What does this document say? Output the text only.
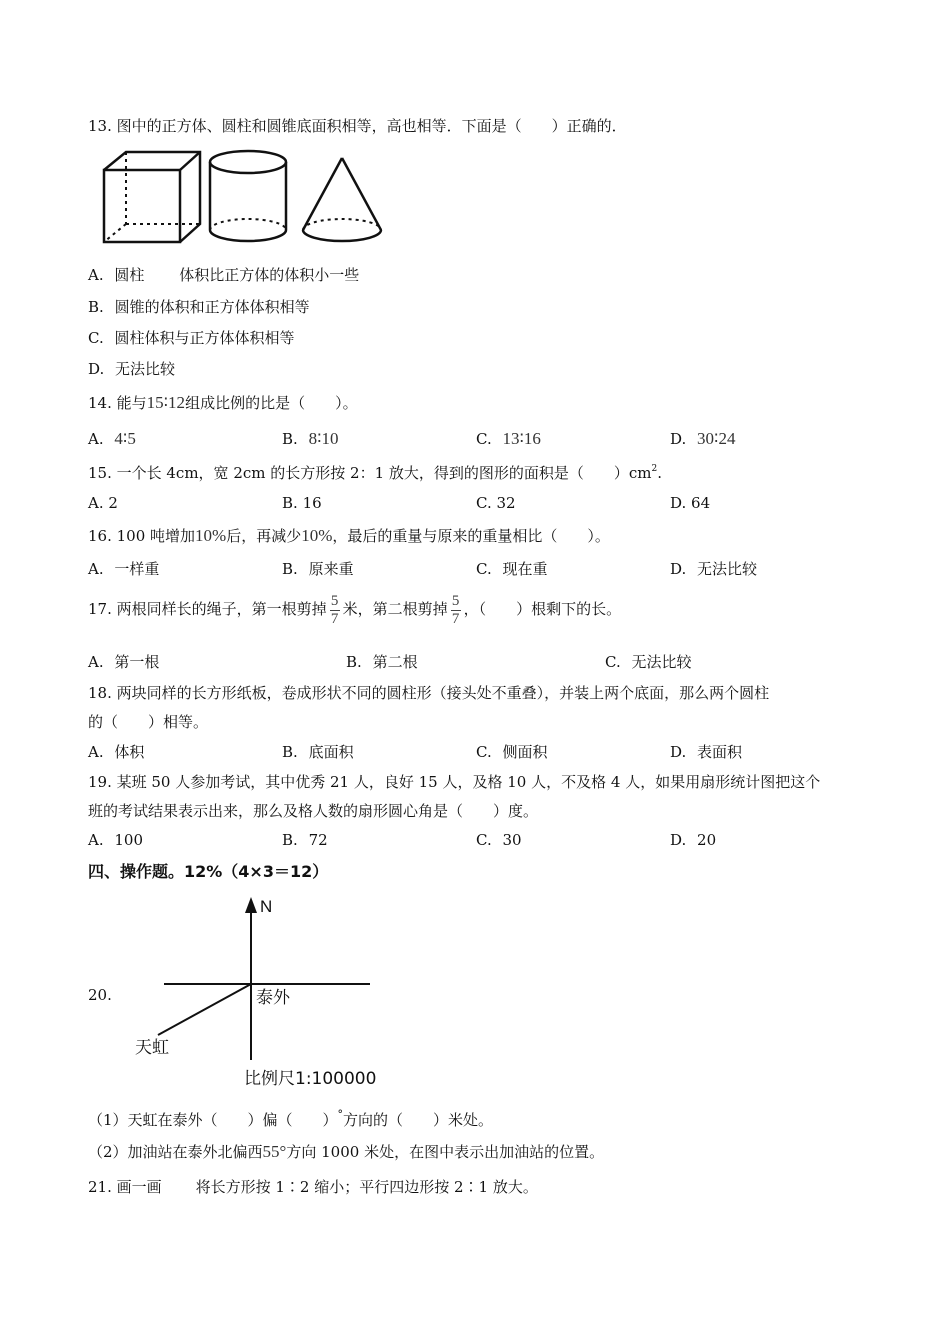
13. 图中的正方体、圆柱和圆锥底面积相等，高也相等．下面是（　　）正确的．
A. 圆柱 体积比正方体的体积小一些
B. 圆锥的体积和正方体体积相等
C. 圆柱体积与正方体体积相等
D. 无法比较
14. 能与15∶12组成比例的比是（　　）。
A. 4∶5	B. 8∶10	C. 13∶16	D. 30∶24
15. 一个长 4cm，宽 2cm 的长方形按 2：1 放大，得到的图形的面积是（　　）$cm^2$.
A. 2	B. 16	C. 32	D. 64
16. 100 吨增加10%后，再减少10%，最后的重量与原来的重量相比（　　）。
A. 一样重	B. 原来重	C. 现在重	D. 无法比较
17. 两根同样长的绳子，第一根剪掉 $\frac{5}{7}$ 米，第二根剪掉 $\frac{5}{7}$ ，（　　）根剩下的长。
A. 第一根	B. 第二根	C. 无法比较
18. 两块同样的长方形纸板，卷成形状不同的圆柱形（接头处不重叠），并装上两个底面，那么两个圆柱
的（　　）相等。
A. 体积	B. 底面积	C. 侧面积	D. 表面积
19. 某班 50 人参加考试，其中优秀 21 人，良好 15 人，及格 10 人，不及格 4 人，如果用扇形统计图把这个
班的考试结果表示出来，那么及格人数的扇形圆心角是（　　）度。
A. 100	B. 72	C. 30	D. 20
四、操作题。12%（4×3＝12）
20.
N
泰外
天虹
比例尺1:100000
（1）天虹在泰外（　　）偏（　　）°方向的（　　）米处。
（2）加油站在泰外北偏西55°方向 1000 米处，在图中表示出加油站的位置。
21. 画一画 将长方形按 1∶2 缩小；平行四边形按 2∶1 放大。
